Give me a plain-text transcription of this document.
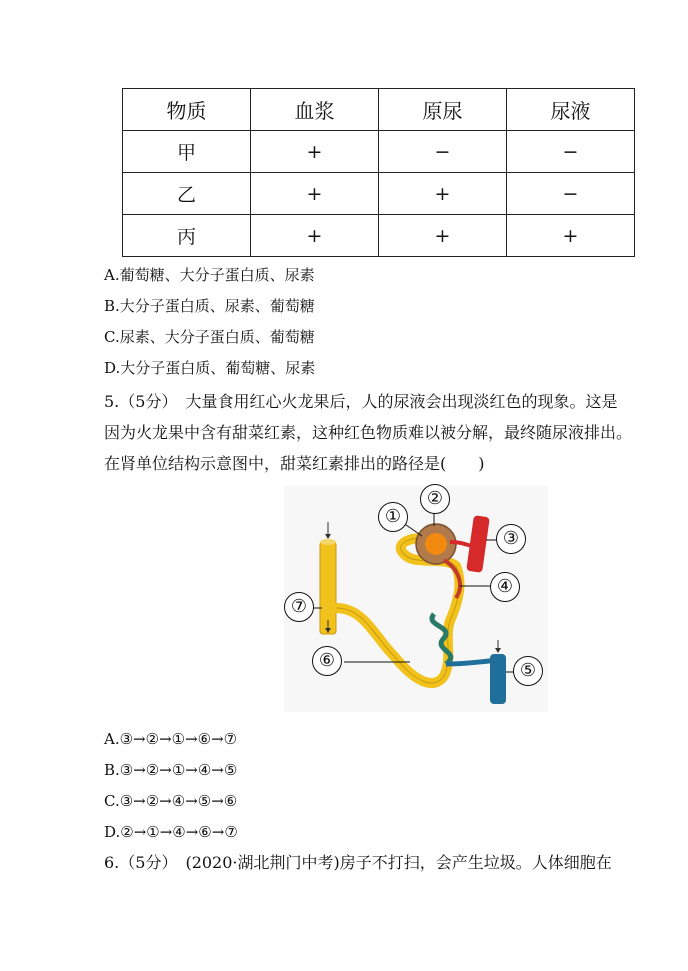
物质	血浆	原尿	尿液
甲	+	−	−
乙	+	+	−
丙	+	+	+
A.葡萄糖、大分子蛋白质、尿素
B.大分子蛋白质、尿素、葡萄糖
C.尿素、大分子蛋白质、葡萄糖
D.大分子蛋白质、葡萄糖、尿素
5.（5分）　大量食用红心火龙果后，人的尿液会出现淡红色的现象。这是
因为火龙果中含有甜菜红素，这种红色物质难以被分解，最终随尿液排出。
在肾单位结构示意图中，甜菜红素排出的路径是(　　)
①
②
③
④
⑤
⑥
⑦
A.③→②→①→⑥→⑦
B.③→②→①→④→⑤
C.③→②→④→⑤→⑥
D.②→①→④→⑥→⑦
6.（5分）　(2020·湖北荆门中考)房子不打扫，会产生垃圾。人体细胞在
